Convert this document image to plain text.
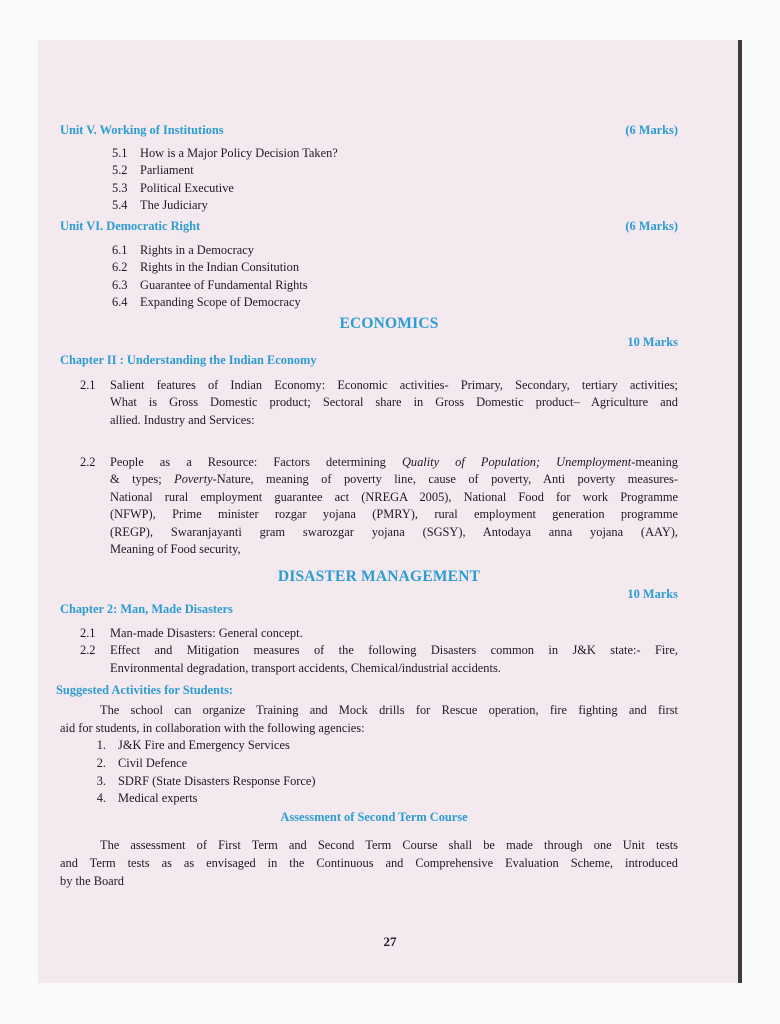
Unit V. Working of Institutions	(6 Marks)
5.1	How is a Major Policy Decision Taken?
5.2	Parliament
5.3	Political Executive
5.4	The Judiciary
Unit VI. Democratic Right	(6 Marks)
6.1	Rights in a Democracy
6.2	Rights in the Indian Consitution
6.3	Guarantee of Fundamental Rights
6.4	Expanding Scope of Democracy
ECONOMICS
10 Marks
Chapter II : Understanding the Indian Economy
2.1	Salient features of Indian Economy: Economic activities- Primary, Secondary, tertiary activities;
What is Gross Domestic product; Sectoral share in Gross Domestic product– Agriculture and
allied. Industry and Services:
2.2	People as a Resource: Factors determining Quality of Population; Unemployment-meaning
& types; Poverty-Nature, meaning of poverty line, cause of poverty, Anti poverty measures-
National rural employment guarantee act (NREGA 2005), National Food for work Programme
(NFWP), Prime minister rozgar yojana (PMRY), rural employment generation programme
(REGP), Swaranjayanti gram swarozgar yojana (SGSY), Antodaya anna yojana (AAY),
Meaning of Food security,
DISASTER MANAGEMENT
10 Marks
Chapter 2: Man, Made Disasters
2.1	Man-made Disasters: General concept.
2.2	Effect and Mitigation measures of the following Disasters common in J&K state:- Fire,
Environmental degradation, transport accidents, Chemical/industrial accidents.
Suggested Activities for Students:
The school can organize Training and Mock drills for Rescue operation, fire fighting and first
aid for students, in collaboration with the following agencies:
1. J&K Fire and Emergency Services
2. Civil Defence
3. SDRF (State Disasters Response Force)
4. Medical experts
Assessment of Second Term Course
The assessment of First Term and Second Term Course shall be made through one Unit tests
and Term tests as as envisaged in the Continuous and Comprehensive Evaluation Scheme, introduced
by the Board
27
